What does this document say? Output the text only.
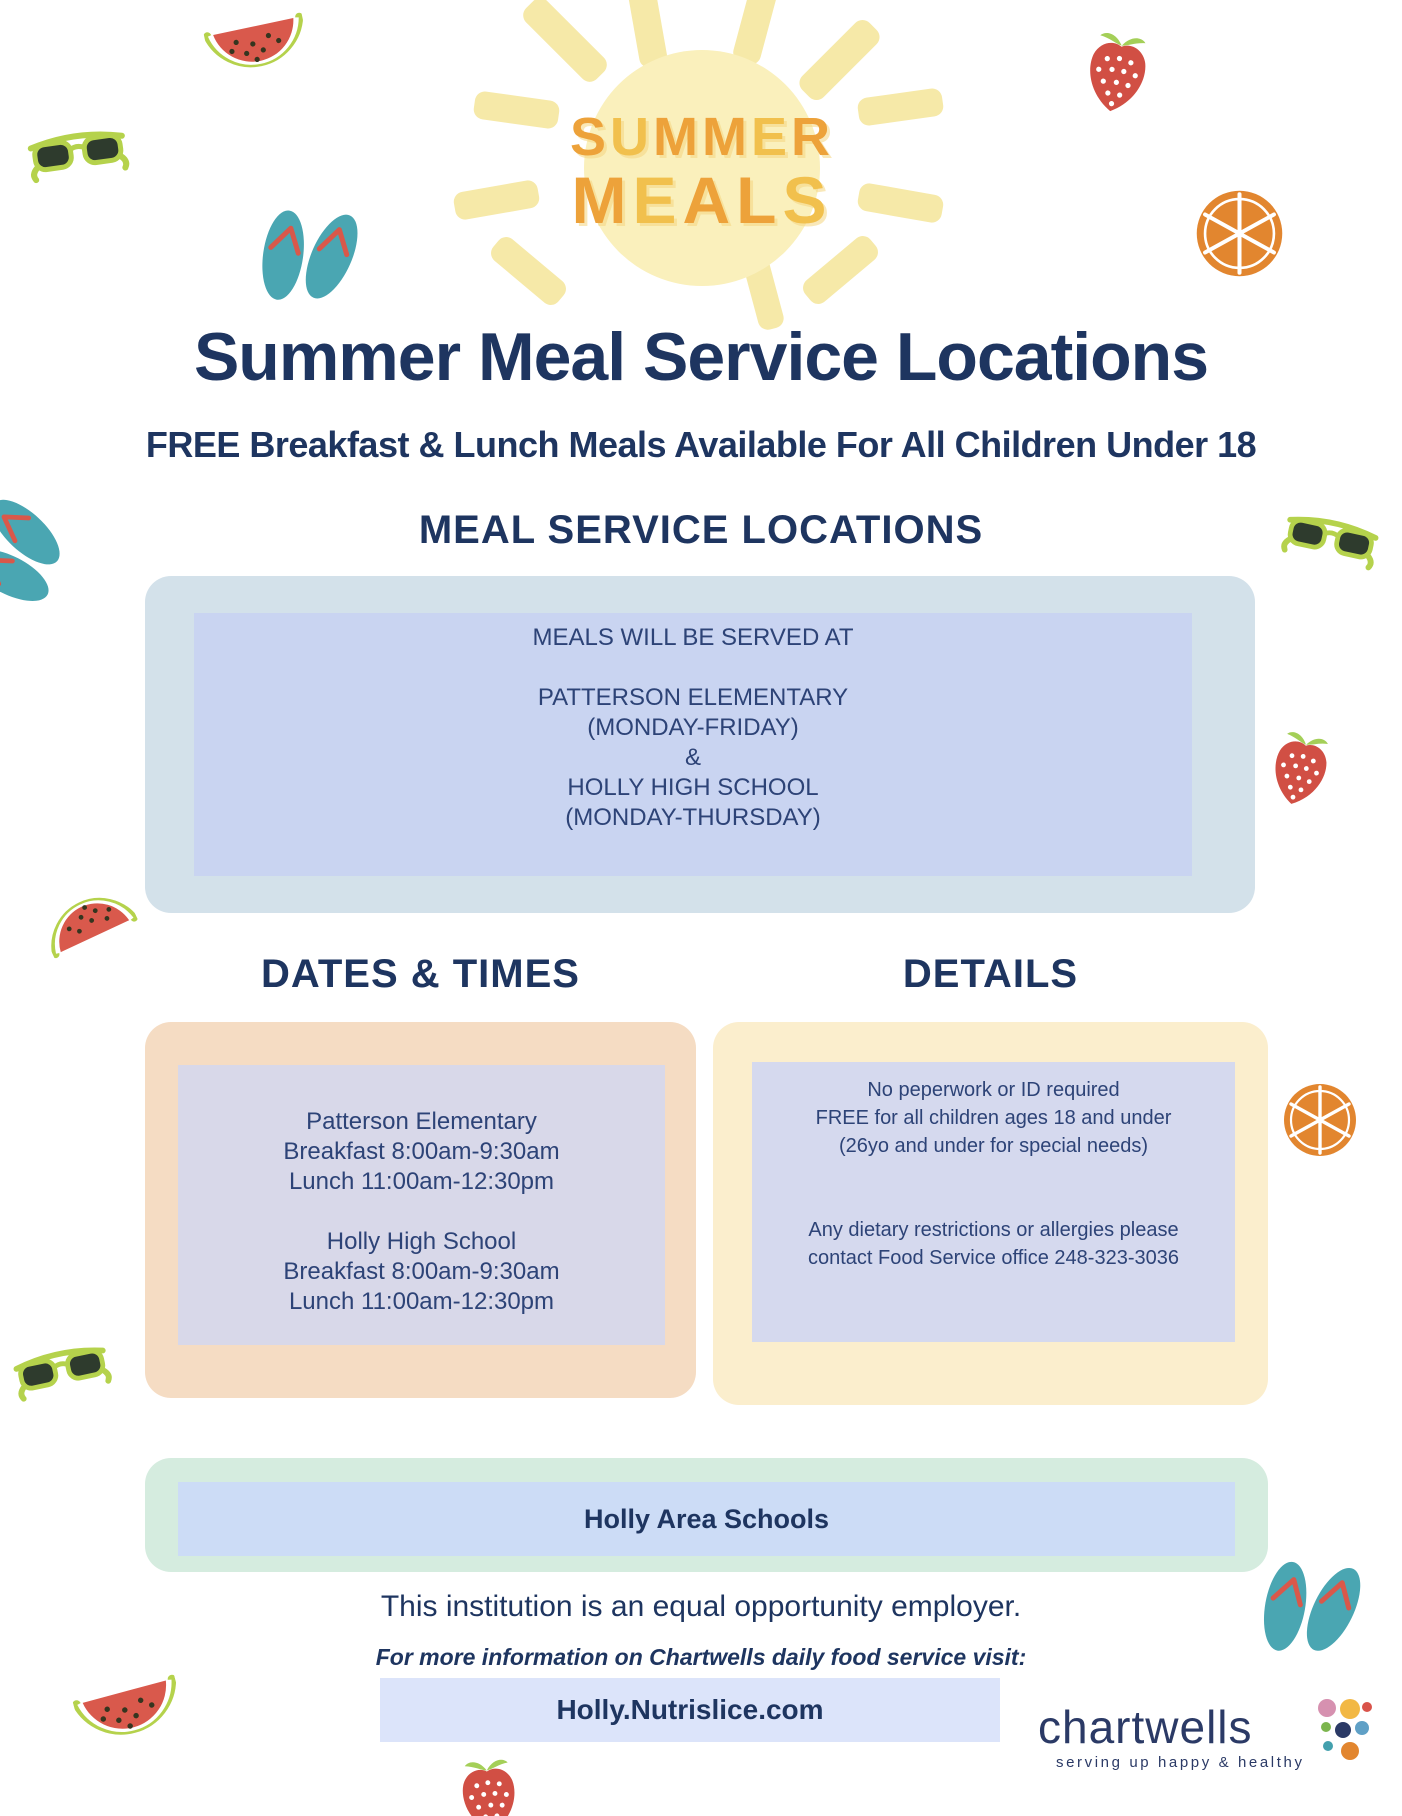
SUMMER
MEALS
Summer Meal Service Locations
FREE Breakfast & Lunch Meals Available For All Children Under 18
MEAL SERVICE LOCATIONS
MEALS WILL BE SERVED AT
PATTERSON ELEMENTARY
(MONDAY-FRIDAY)
&
HOLLY HIGH SCHOOL
(MONDAY-THURSDAY)
DATES & TIMES
Patterson Elementary
Breakfast 8:00am-9:30am
Lunch 11:00am-12:30pm
Holly High School
Breakfast 8:00am-9:30am
Lunch 11:00am-12:30pm
DETAILS
No peperwork or ID required
FREE for all children ages 18 and under
(26yo and under for special needs)
Any dietary restrictions or allergies please
contact Food Service office 248-323-3036
Holly Area Schools
This institution is an equal opportunity employer.
For more information on Chartwells daily food service visit:
Holly.Nutrislice.com	chartwells
serving up happy & healthy
